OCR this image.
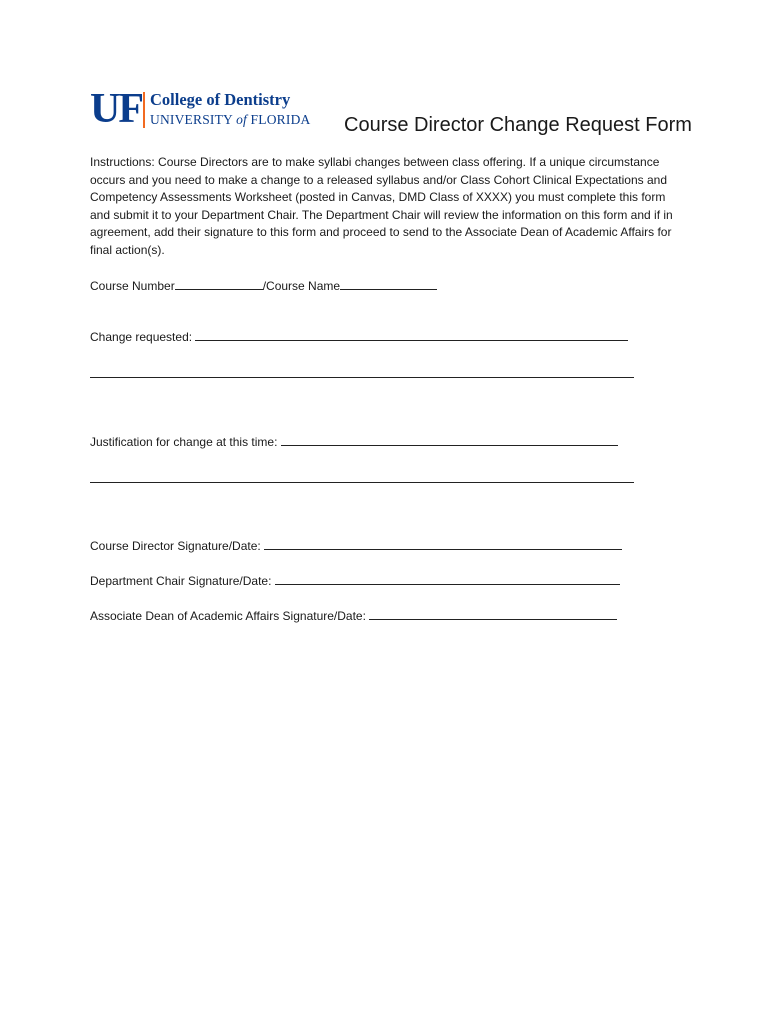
UF College of Dentistry
UNIVERSITY of FLORIDA Course Director Change Request Form

Instructions: Course Directors are to make syllabi changes between class offering. If a unique circumstance occurs and you need to make a change to a released syllabus and/or Class Cohort Clinical Expectations and Competency Assessments Worksheet (posted in Canvas, DMD Class of XXXX) you must complete this form and submit it to your Department Chair. The Department Chair will review the information on this form and if in agreement, add their signature to this form and proceed to send to the Associate Dean of Academic Affairs for final action(s).

Course Number	/Course Name

Change requested:

Justification for change at this time:

Course Director Signature/Date:

Department Chair Signature/Date:

Associate Dean of Academic Affairs Signature/Date:
